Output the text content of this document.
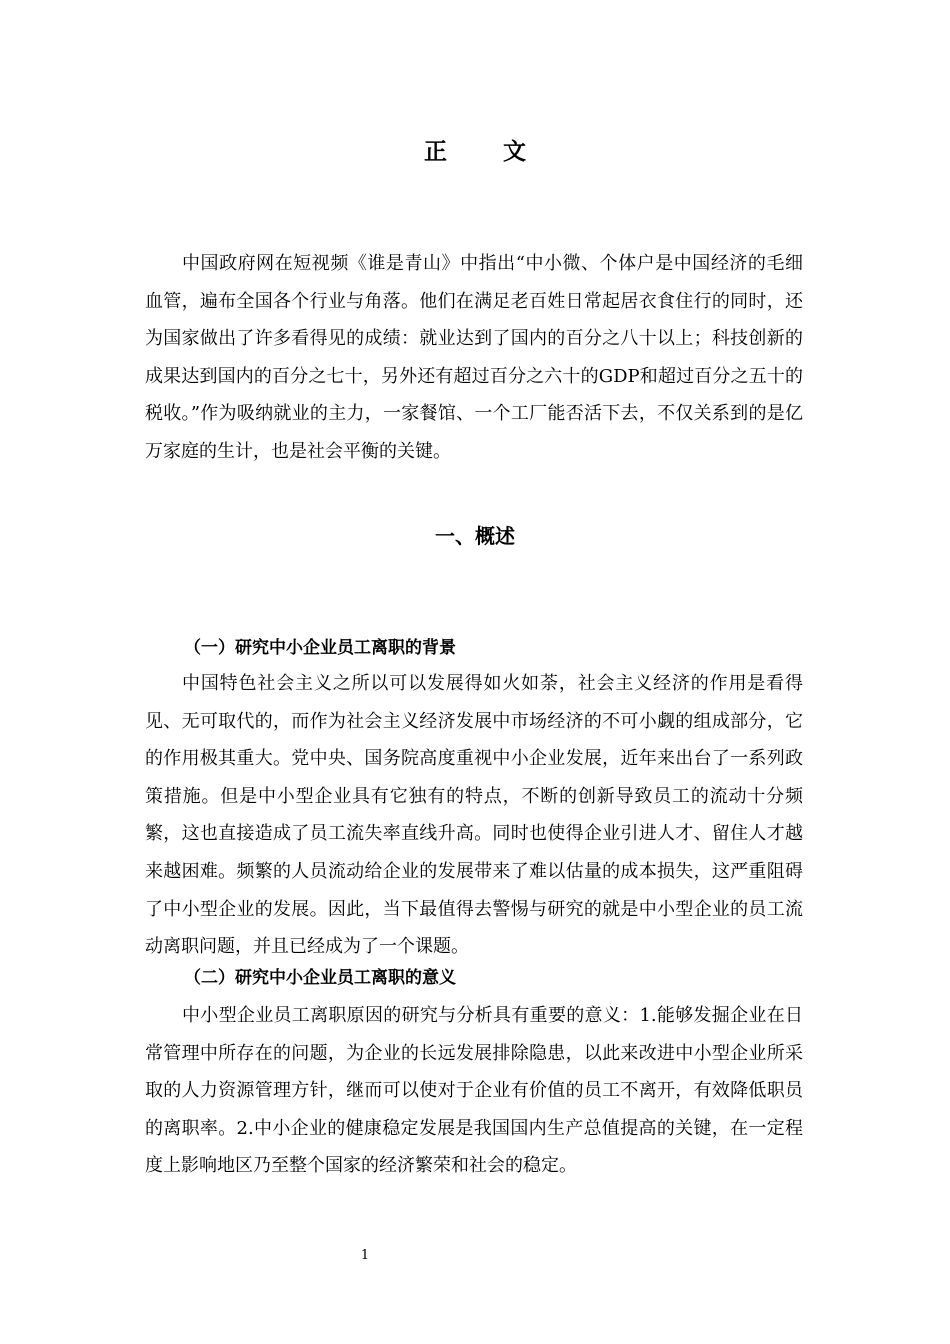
正 文

中国政府网在短视频《谁是青山》中指出“中小微、个体户是中国经济的毛细血管，遍布全国各个行业与角落。他们在满足老百姓日常起居衣食住行的同时，还为国家做出了许多看得见的成绩：就业达到了国内的百分之八十以上；科技创新的成果达到国内的百分之七十，另外还有超过百分之六十的GDP和超过百分之五十的税收。”作为吸纳就业的主力，一家餐馆、一个工厂能否活下去，不仅关系到的是亿万家庭的生计，也是社会平衡的关键。

一、概述
（一）研究中小企业员工离职的背景

中国特色社会主义之所以可以发展得如火如荼，社会主义经济的作用是看得见、无可取代的，而作为社会主义经济发展中市场经济的不可小觑的组成部分，它的作用极其重大。党中央、国务院高度重视中小企业发展，近年来出台了一系列政策措施。但是中小型企业具有它独有的特点，不断的创新导致员工的流动十分频繁，这也直接造成了员工流失率直线升高。同时也使得企业引进人才、留住人才越来越困难。频繁的人员流动给企业的发展带来了难以估量的成本损失，这严重阻碍了中小型企业的发展。因此，当下最值得去警惕与研究的就是中小型企业的员工流动离职问题，并且已经成为了一个课题。

（二）研究中小企业员工离职的意义

中小型企业员工离职原因的研究与分析具有重要的意义：1.能够发掘企业在日常管理中所存在的问题，为企业的长远发展排除隐患，以此来改进中小型企业所采取的人力资源管理方针，继而可以使对于企业有价值的员工不离开，有效降低职员的离职率。2.中小企业的健康稳定发展是我国国内生产总值提高的关键，在一定程度上影响地区乃至整个国家的经济繁荣和社会的稳定。

1
